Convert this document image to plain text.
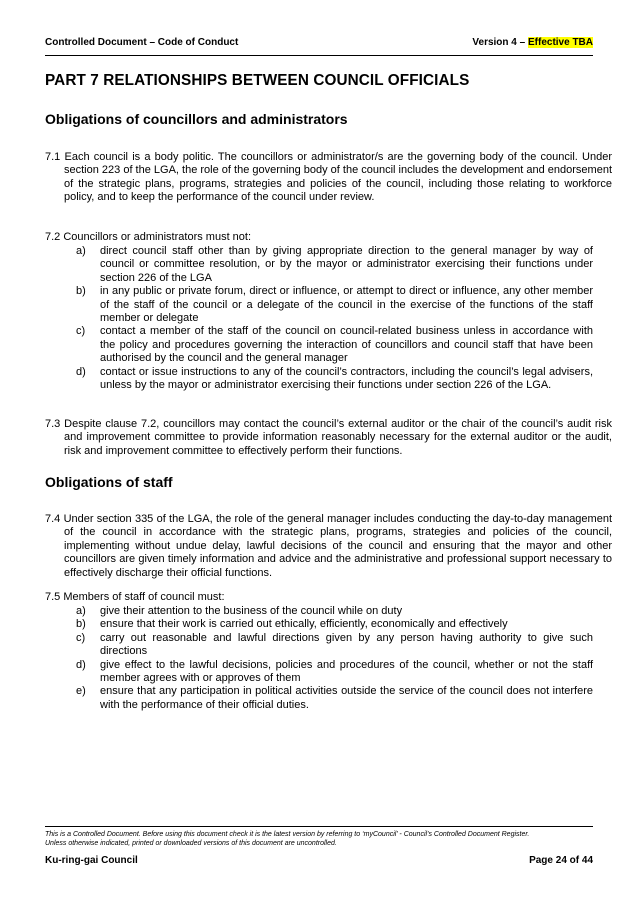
Controlled Document – Code of Conduct	Version 4 – Effective TBA
PART 7 RELATIONSHIPS BETWEEN COUNCIL OFFICIALS
Obligations of councillors and administrators

7.1 Each council is a body politic. The councillors or administrator/s are the governing body of the council. Under section 223 of the LGA, the role of the governing body of the council includes the development and endorsement of the strategic plans, programs, strategies and policies of the council, including those relating to workforce policy, and to keep the performance of the council under review.

7.2 Councillors or administrators must not:

a) direct council staff other than by giving appropriate direction to the general manager by way of council or committee resolution, or by the mayor or administrator exercising their functions under section 226 of the LGA
b) in any public or private forum, direct or influence, or attempt to direct or influence, any other member of the staff of the council or a delegate of the council in the exercise of the functions of the staff member or delegate
c) contact a member of the staff of the council on council-related business unless in accordance with the policy and procedures governing the interaction of councillors and council staff that have been authorised by the council and the general manager
d) contact or issue instructions to any of the council’s contractors, including the council’s legal advisers, unless by the mayor or administrator exercising their functions under section 226 of the LGA.

7.3 Despite clause 7.2, councillors may contact the council’s external auditor or the chair of the council’s audit risk and improvement committee to provide information reasonably necessary for the external auditor or the audit, risk and improvement committee to effectively perform their functions.

Obligations of staff

7.4 Under section 335 of the LGA, the role of the general manager includes conducting the day-to-day management of the council in accordance with the strategic plans, programs, strategies and policies of the council, implementing without undue delay, lawful decisions of the council and ensuring that the mayor and other councillors are given timely information and advice and the administrative and professional support necessary to effectively discharge their official functions.

7.5 Members of staff of council must:

a) give their attention to the business of the council while on duty
b) ensure that their work is carried out ethically, efficiently, economically and effectively
c) carry out reasonable and lawful directions given by any person having authority to give such directions
d) give effect to the lawful decisions, policies and procedures of the council, whether or not the staff member agrees with or approves of them
e) ensure that any participation in political activities outside the service of the council does not interfere with the performance of their official duties.
This is a Controlled Document. Before using this document check it is the latest version by referring to ‘myCouncil’ - Council’s Controlled Document Register.
Unless otherwise indicated, printed or downloaded versions of this document are uncontrolled.
Ku-ring-gai Council	Page 24 of 44
